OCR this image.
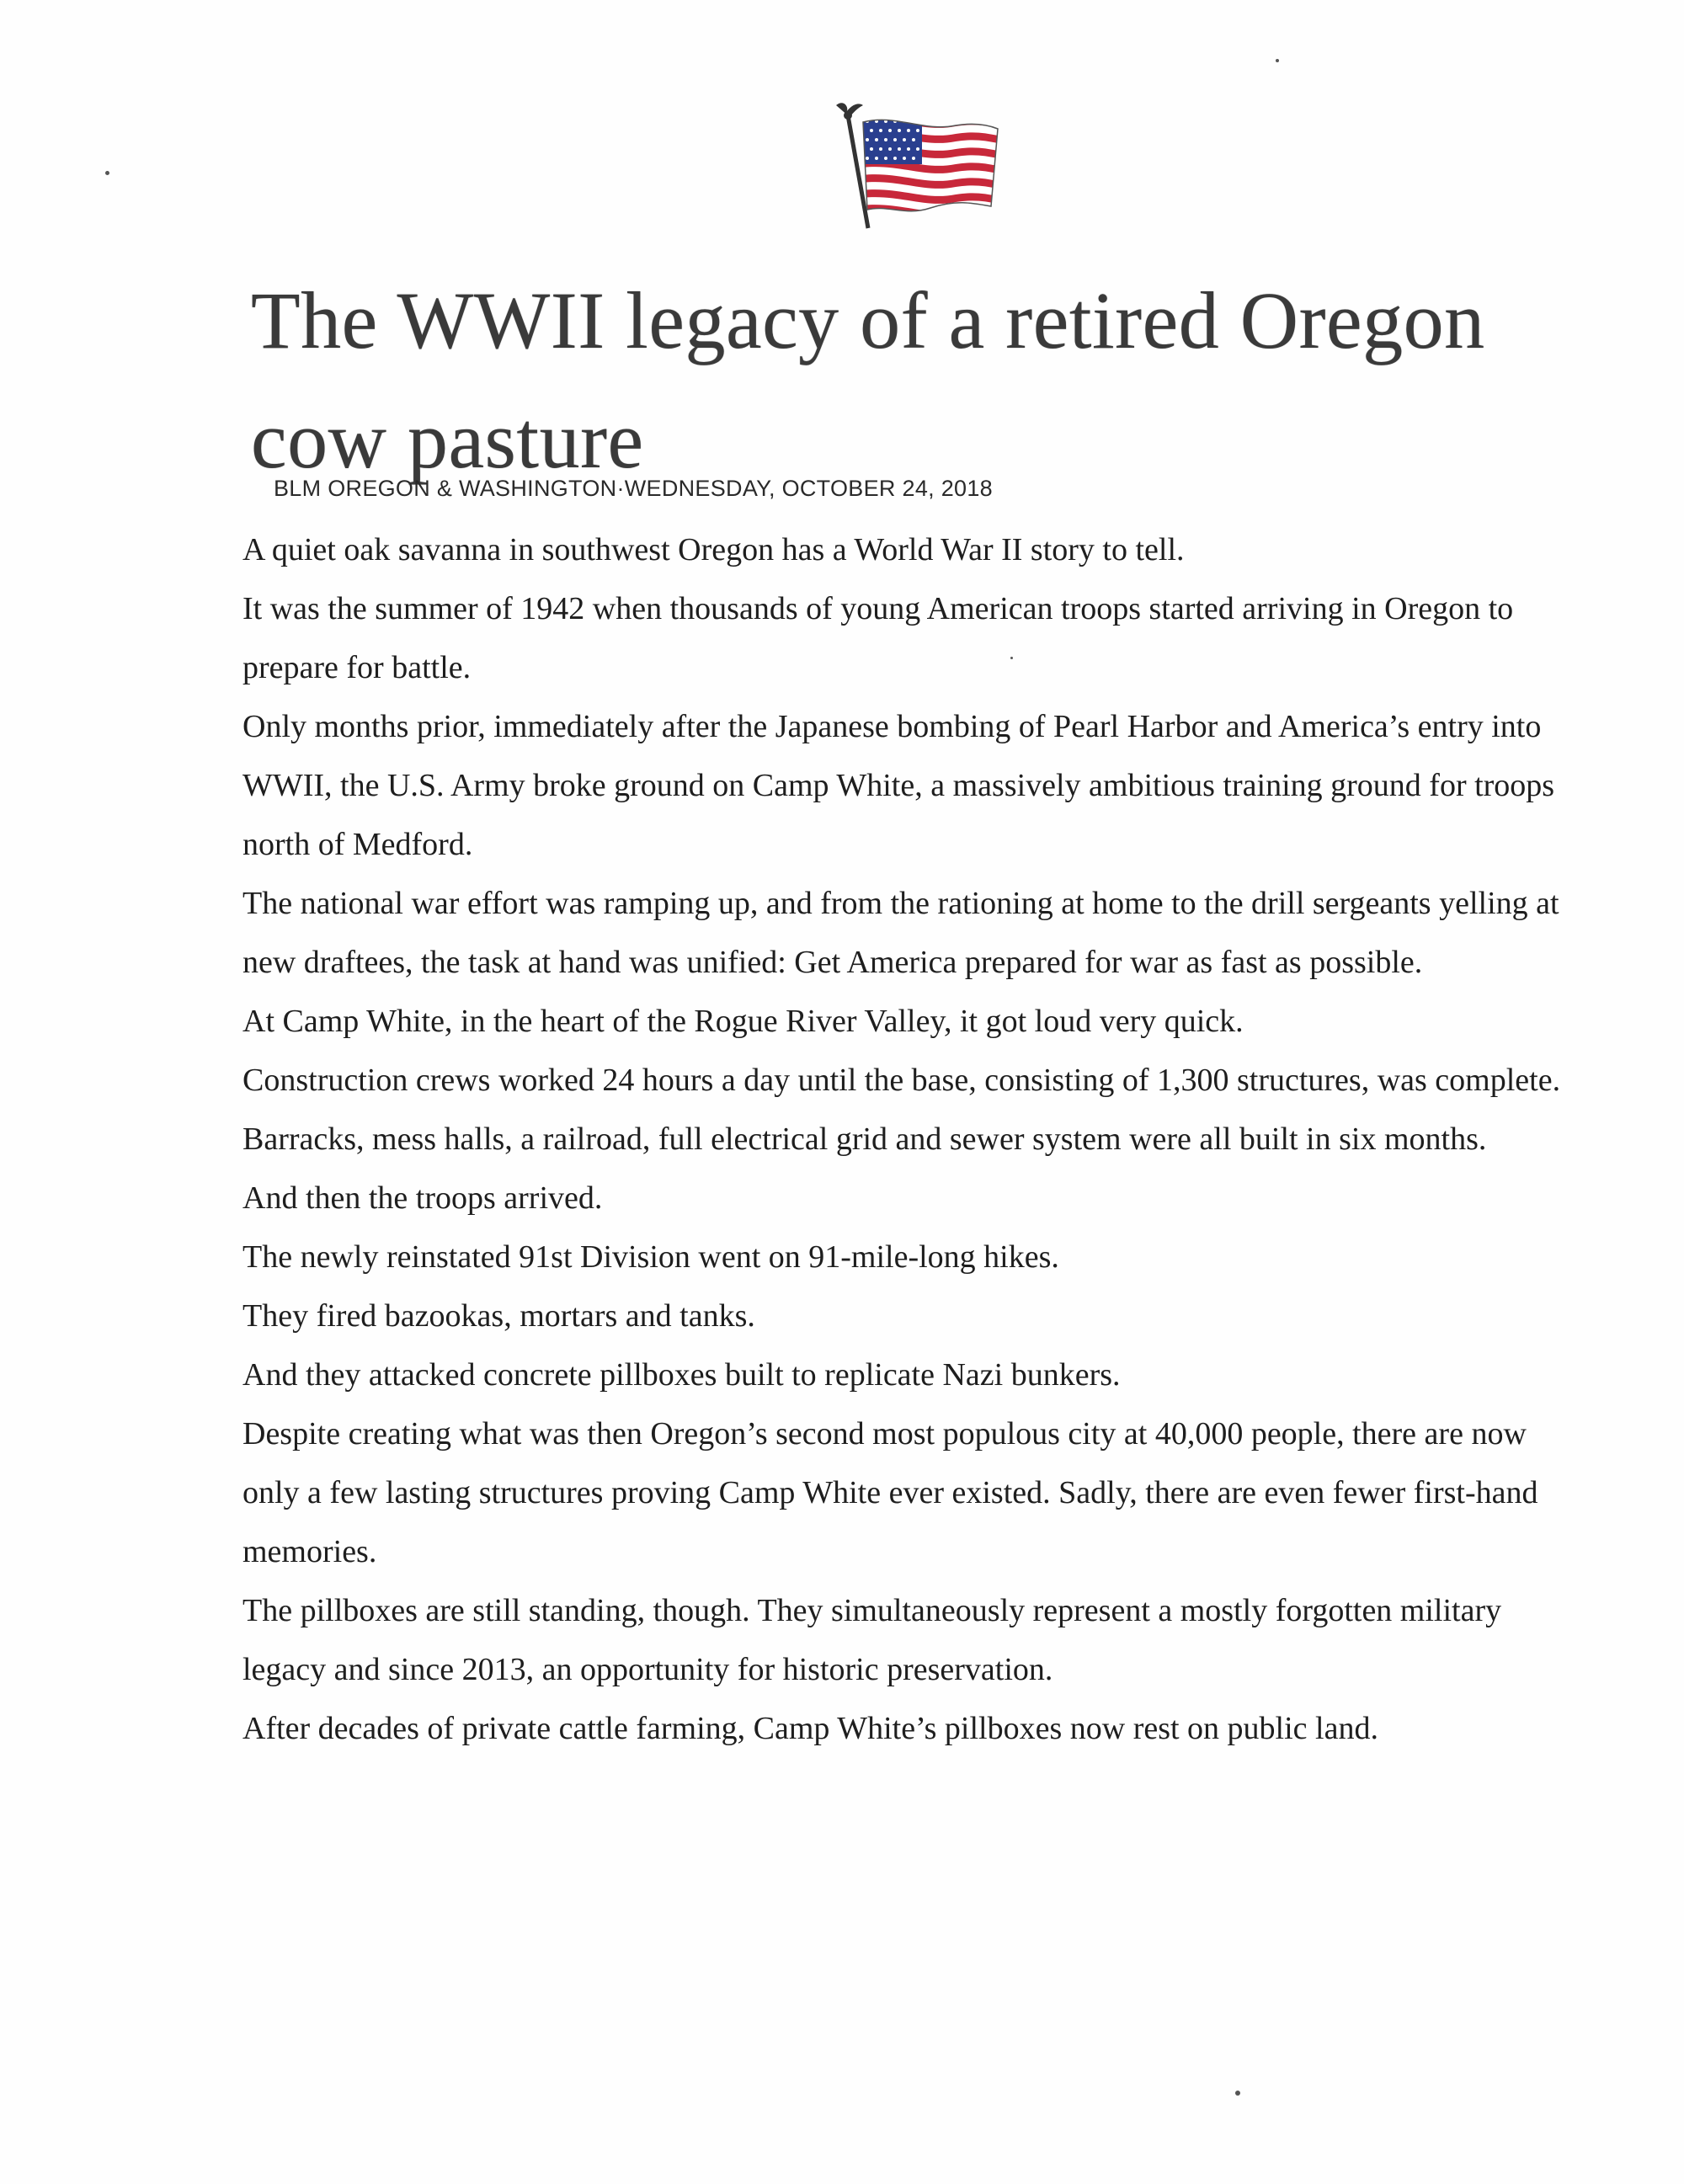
The WWII legacy of a retired Oregon cow pasture

BLM OREGON & WASHINGTON·WEDNESDAY, OCTOBER 24, 2018

A quiet oak savanna in southwest Oregon has a World War II story to tell.

It was the summer of 1942 when thousands of young American troops started arriving in Oregon to prepare for battle.

Only months prior, immediately after the Japanese bombing of Pearl Harbor and America’s entry into WWII, the U.S. Army broke ground on Camp White, a massively ambitious training ground for troops north of Medford.

The national war effort was ramping up, and from the rationing at home to the drill sergeants yelling at new draftees, the task at hand was unified: Get America prepared for war as fast as possible.

At Camp White, in the heart of the Rogue River Valley, it got loud very quick.

Construction crews worked 24 hours a day until the base, consisting of 1,300 structures, was complete. Barracks, mess halls, a railroad, full electrical grid and sewer system were all built in six months.

And then the troops arrived.

The newly reinstated 91st Division went on 91-mile-long hikes.

They fired bazookas, mortars and tanks.

And they attacked concrete pillboxes built to replicate Nazi bunkers.

Despite creating what was then Oregon’s second most populous city at 40,000 people, there are now only a few lasting structures proving Camp White ever existed. Sadly, there are even fewer first-hand memories.

The pillboxes are still standing, though. They simultaneously represent a mostly forgotten military legacy and since 2013, an opportunity for historic preservation.

After decades of private cattle farming, Camp White’s pillboxes now rest on public land.
